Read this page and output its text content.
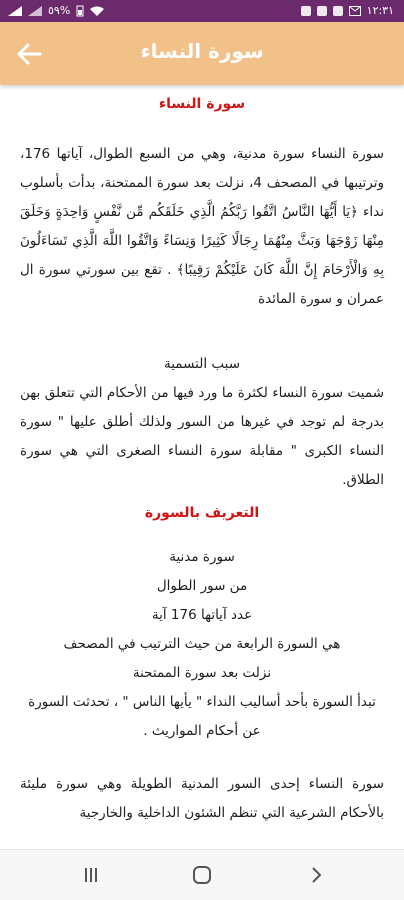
٥٩%	١٢:٣١
سورة النساء
سورة النساء

سورة النساء سورة مدنية، وهي من السبع الطوال، آياتها 176، وترتيبها في المصحف 4، نزلت بعد سورة الممتحنة، بدأت بأسلوب نداء ﴿يَا أَيُّهَا النَّاسُ اتَّقُوا رَبَّكُمُ الَّذِي خَلَقَكُم مِّن نَّفْسٍ وَاحِدَةٍ وَخَلَقَ مِنْهَا زَوْجَهَا وَبَثَّ مِنْهُمَا رِجَالًا كَثِيرًا وَنِسَاءً وَاتَّقُوا اللَّهَ الَّذِي تَسَاءَلُونَ بِهِ وَالْأَرْحَامَ إِنَّ اللَّهَ كَانَ عَلَيْكُمْ رَقِيبًا﴾ . تقع بين سورتي سورة ال عمران و سورة المائدة

سبب التسمية

شميت سورة النساء لكثرة ما ورد فيها من الأحكام التي تتعلق بهن بدرجة لم توجد في غيرها من السور ولذلك أطلق عليها " سورة النساء الكبرى " مقابلة سورة النساء الصغرى التي هي سورة الطلاق.

التعريف بالسورة

سورة مدنية

من سور الطوال

عدد آياتها 176 آية

هي السورة الرابعة من حيث الترتيب في المصحف

نزلت بعد سورة الممتحنة

تبدأ السورة بأحد أساليب النداء " يأيها الناس " ، تحدثت السورة عن أحكام المواريث .

سورة النساء إحدى السور المدنية الطويلة وهي سورة مليئة بالأحكام الشرعية التي تنظم الشئون الداخلية والخارجية
